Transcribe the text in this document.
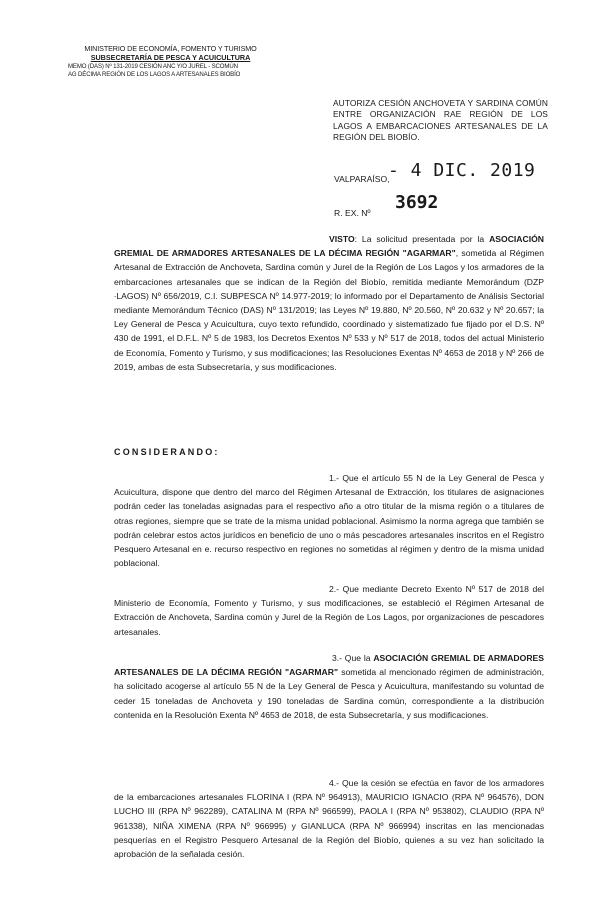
MINISTERIO DE ECONOMÍA, FOMENTO Y TURISMO
SUBSECRETARÍA DE PESCA Y ACUICULTURA
MEMO (DAS) Nº 131-2019 CESIÓN ANC Y/O JUREL - SCOMÚN
AG DÉCIMA REGIÓN DE LOS LAGOS A ARTESANALES BIOBÍO
AUTORIZA CESIÓN ANCHOVETA Y SARDINA COMÚN ENTRE ORGANIZACIÓN RAE REGIÓN DE LOS LAGOS A EMBARCACIONES ARTESANALES DE LA REGIÓN DEL BIOBÍO.
VALPARAÍSO,
- 4 DIC. 2019
R. EX. Nº 3692
VISTO: La solicitud presentada por la ASOCIACIÓN GREMIAL DE ARMADORES ARTESANALES DE LA DÉCIMA REGIÓN "AGARMAR", sometida al Régimen Artesanal de Extracción de Anchoveta, Sardina común y Jurel de la Región de Los Lagos y los armadores de la embarcaciones artesanales que se indican de la Región del Biobío, remitida mediante Memorándum (DZP ∙LAGOS) Nº 656/2019, C.I. SUBPESCA Nº 14.977-2019; lo informado por el Departamento de Análisis Sectorial mediante Memorándum Técnico (DAS) Nº 131/2019; las Leyes Nº 19.880, Nº 20.560, Nº 20.632 y Nº 20.657; la Ley General de Pesca y Acuicultura, cuyo texto refundido, coordinado y sistematizado fue fijado por el D.S. Nº 430 de 1991, el D.F.L. Nº 5 de 1983, los Decretos Exentos Nº 533 y Nº 517 de 2018, todos del actual Ministerio de Economía, Fomento y Turismo, y sus modificaciones; las Resoluciones Exentas Nº 4653 de 2018 y Nº 266 de 2019, ambas de esta Subsecretaría, y sus modificaciones.
CONSIDERANDO:
1.- Que el artículo 55 N de la Ley General de Pesca y Acuicultura, dispone que dentro del marco del Régimen Artesanal de Extracción, los titulares de asignaciones podrán ceder las toneladas asignadas para el respectivo año a otro titular de la misma región o a titulares de otras regiones, siempre que se trate de la misma unidad poblacional. Asimismo la norma agrega que también se podrán celebrar estos actos jurídicos en beneficio de uno o más pescadores artesanales inscritos en el Registro Pesquero Artesanal en e. recurso respectivo en regiones no sometidas al régimen y dentro de la misma unidad poblacional.
2.- Que mediante Decreto Exento Nº 517 de 2018 del Ministerio de Economía, Fomento y Turismo, y sus modificaciones, se estableció el Régimen Artesanal de Extracción de Anchoveta, Sardina común y Jurel de la Región de Los Lagos, por organizaciones de pescadores artesanales.
3.- Que la ASOCIACIÓN GREMIAL DE ARMADORES ARTESANALES DE LA DÉCIMA REGIÓN "AGARMAR" sometida al mencionado régimen de administración, ha solicitado acogerse al artículo 55 N de la Ley General de Pesca y Acuicultura, manifestando su voluntad de ceder 15 toneladas de Anchoveta y 190 toneladas de Sardina común, correspondiente a la distribución contenida en la Resolución Exenta Nº 4653 de 2018, de esta Subsecretaría, y sus modificaciones.
4.- Que la cesión se efectúa en favor de los armadores de la embarcaciones artesanales FLORINA I (RPA Nº 964913), MAURICIO IGNACIO (RPA Nº 964576), DON LUCHO III (RPA Nº 962289), CATALINA M (RPA Nº 966599), PAOLA I (RPA Nº 953802), CLAUDIO (RPA Nº 961338), NIÑA XIMENA (RPA Nº 966995) y GIANLUCA (RPA Nº 966994) inscritas en las mencionadas pesquerías en el Registro Pesquero Artesanal de la Región del Biobío, quienes a su vez han solicitado la aprobación de la señalada cesión.
